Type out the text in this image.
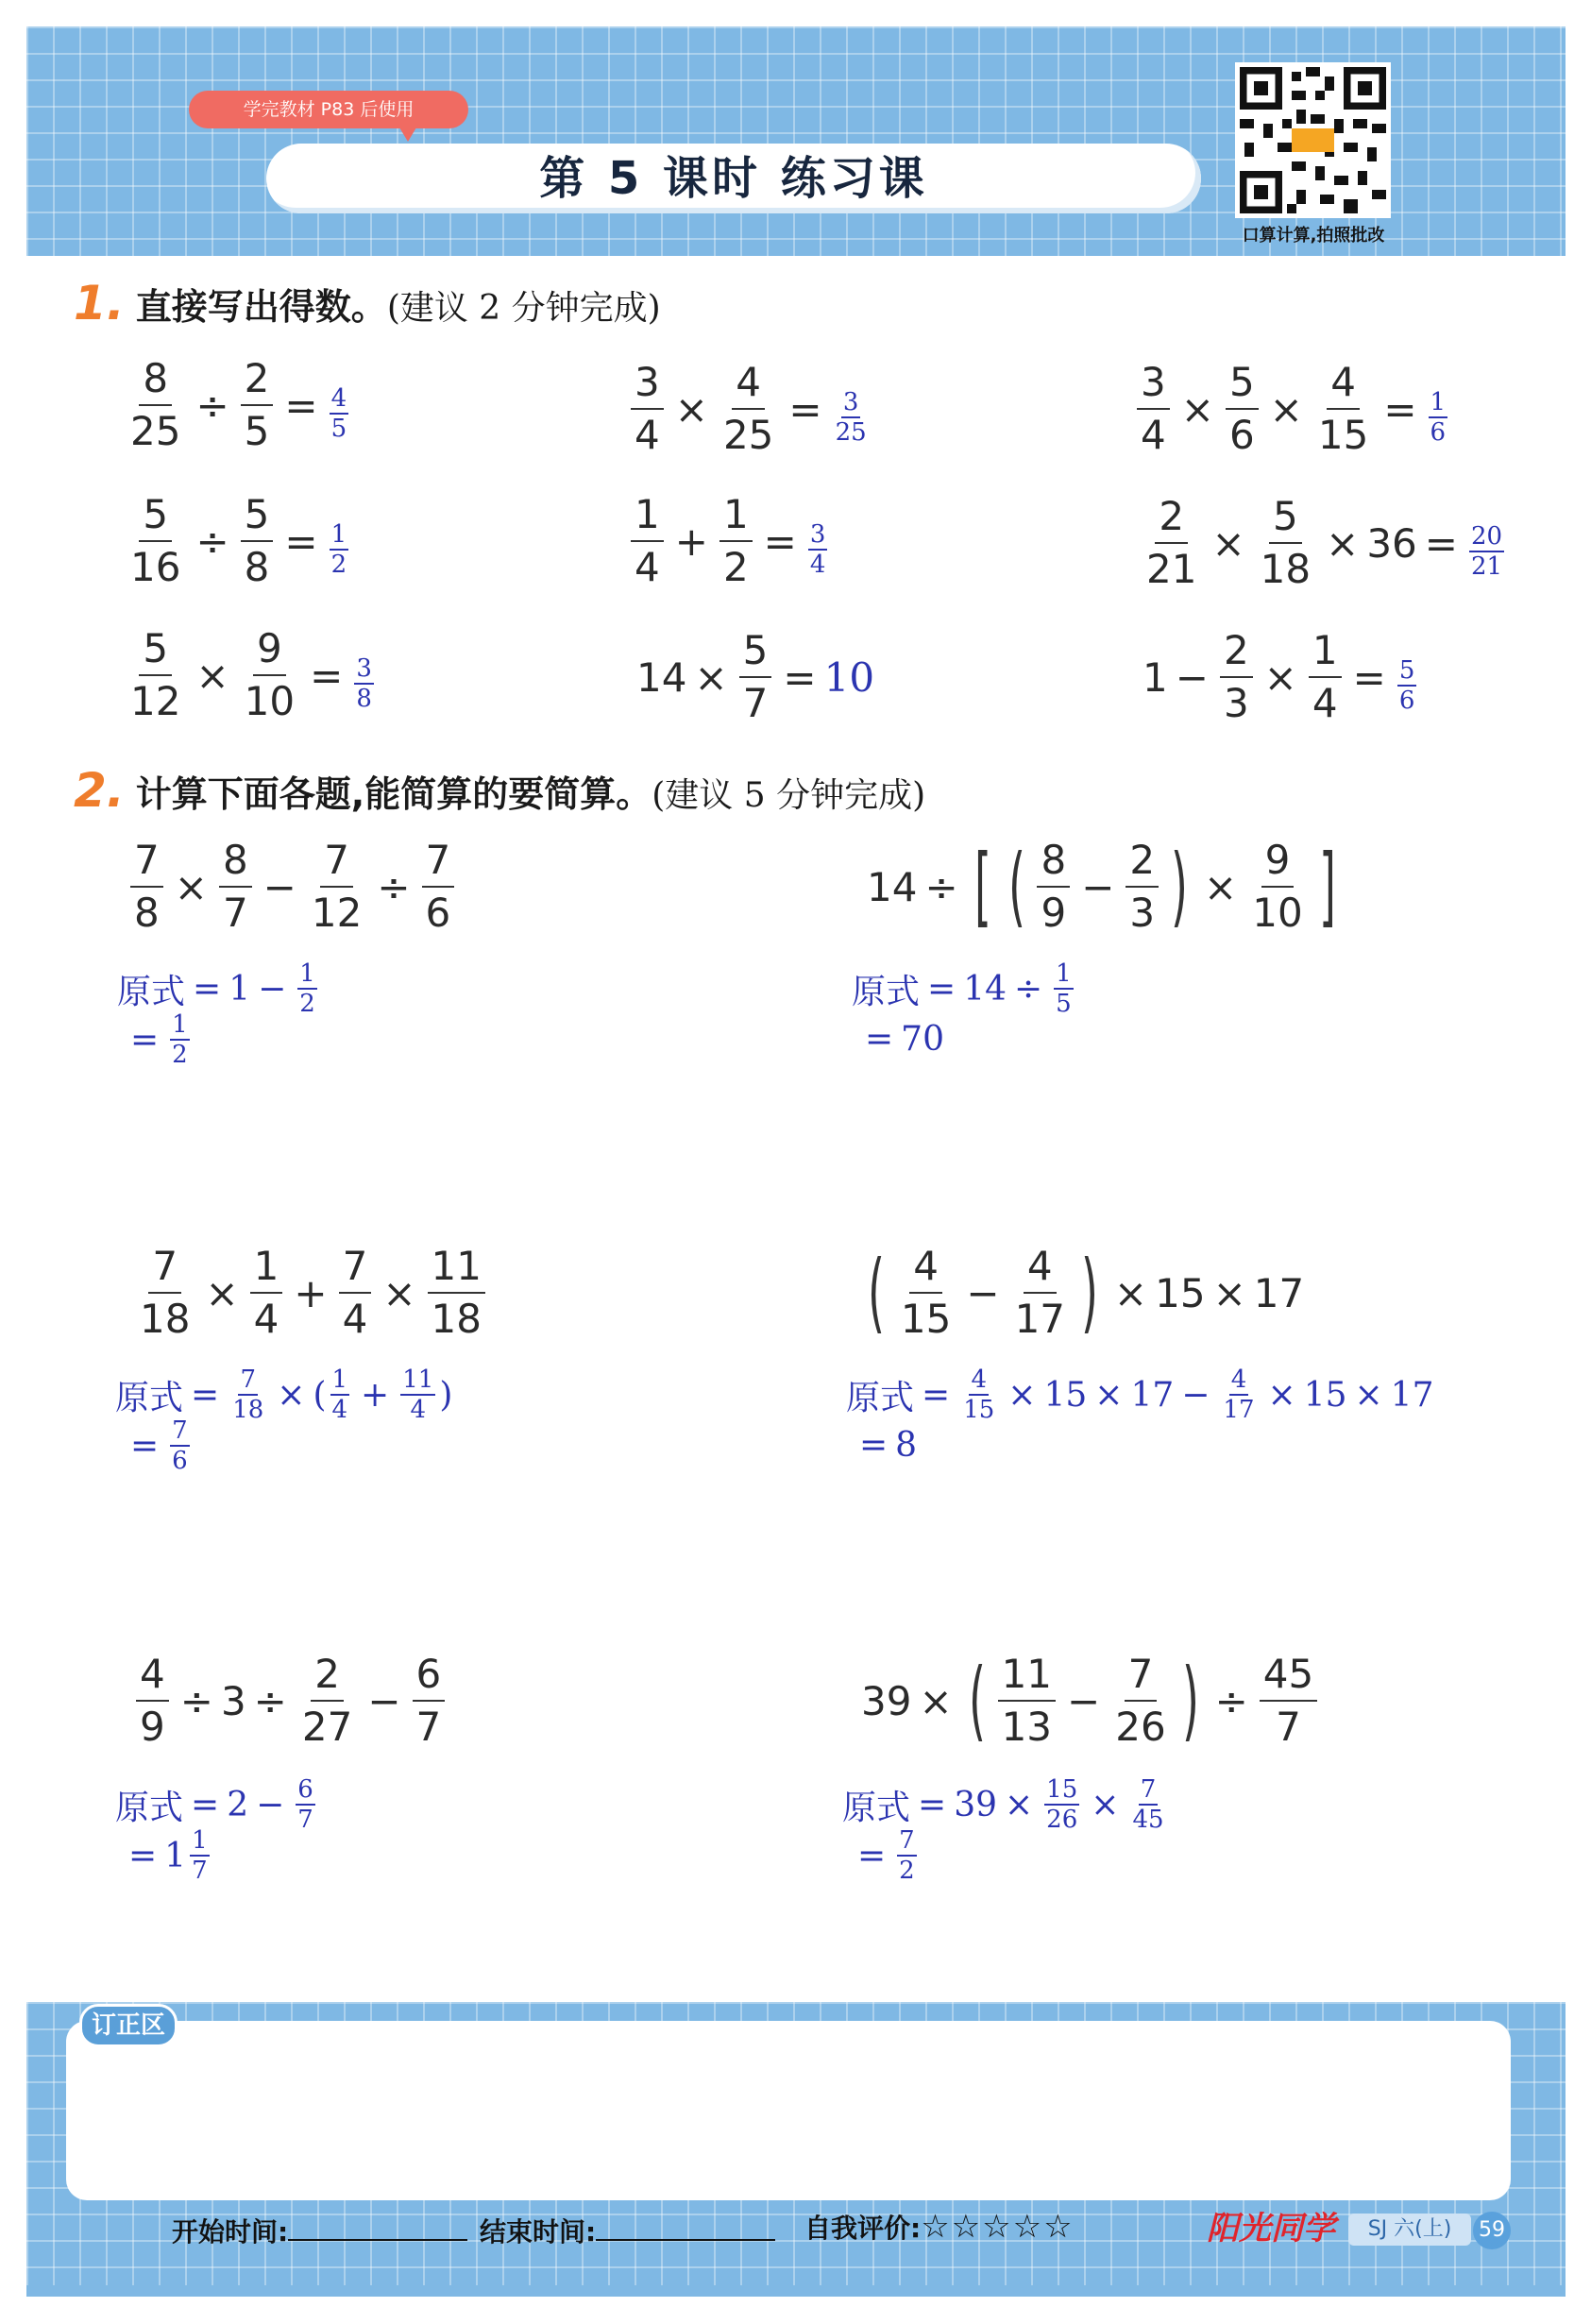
学完教材 P83 后使用
第 5 课时 练习课
口算计算,拍照批改
1. 直接写出得数。(建议 2 分钟完成)
$\frac{8}{25} \div \frac{2}{5} = \frac{4}{5}$	$\frac{3}{4} \times \frac{4}{25} = \frac{3}{25}$	$\frac{3}{4} \times \frac{5}{6} \times \frac{4}{15} = \frac{1}{6}$
$\frac{5}{16} \div \frac{5}{8} = \frac{1}{2}$	$\frac{1}{4} + \frac{1}{2} = \frac{3}{4}$	$\frac{2}{21} \times \frac{5}{18} \times 36 = \frac{20}{21}$
$\frac{5}{12} \times \frac{9}{10} = \frac{3}{8}$	$14 \times \frac{5}{7} = 10$	$1 - \frac{2}{3} \times \frac{1}{4} = \frac{5}{6}$
2. 计算下面各题,能简算的要简算。(建议 5 分钟完成)
$\frac{7}{8} \times \frac{8}{7} - \frac{7}{12} \div \frac{7}{6}$
原式 = $1 - \frac{1}{2}$
= $\frac{1}{2}$
14 ÷ [ ( $\frac{8}{9} - \frac{2}{3}$ ) × $\frac{9}{10}$ ]
原式 = $14 \div \frac{1}{5}$
= 70
$\frac{7}{18} \times \frac{1}{4} + \frac{7}{4} \times \frac{11}{18}$
原式 = $\frac{7}{18}$ × ( $\frac{1}{4} + \frac{11}{4}$ )
= $\frac{7}{6}$
( $\frac{4}{15} - \frac{4}{17}$ ) × 15 × 17
原式 = $\frac{4}{15} \times 15 \times 17 - \frac{4}{17} \times 15 \times 17$
= 8
$\frac{4}{9} \div 3 \div \frac{2}{27} - \frac{6}{7}$
原式 = $2 - \frac{6}{7}$
= $1 \frac{1}{7}$
39 × ( $\frac{11}{13} - \frac{7}{26}$ ) ÷ $\frac{45}{7}$
原式 = $39 \times \frac{15}{26} \times \frac{7}{45}$
= $\frac{7}{2}$
订正区
开始时间:	结束时间:	自我评价:☆☆☆☆☆	阳光同学	SJ 六(上)	59
